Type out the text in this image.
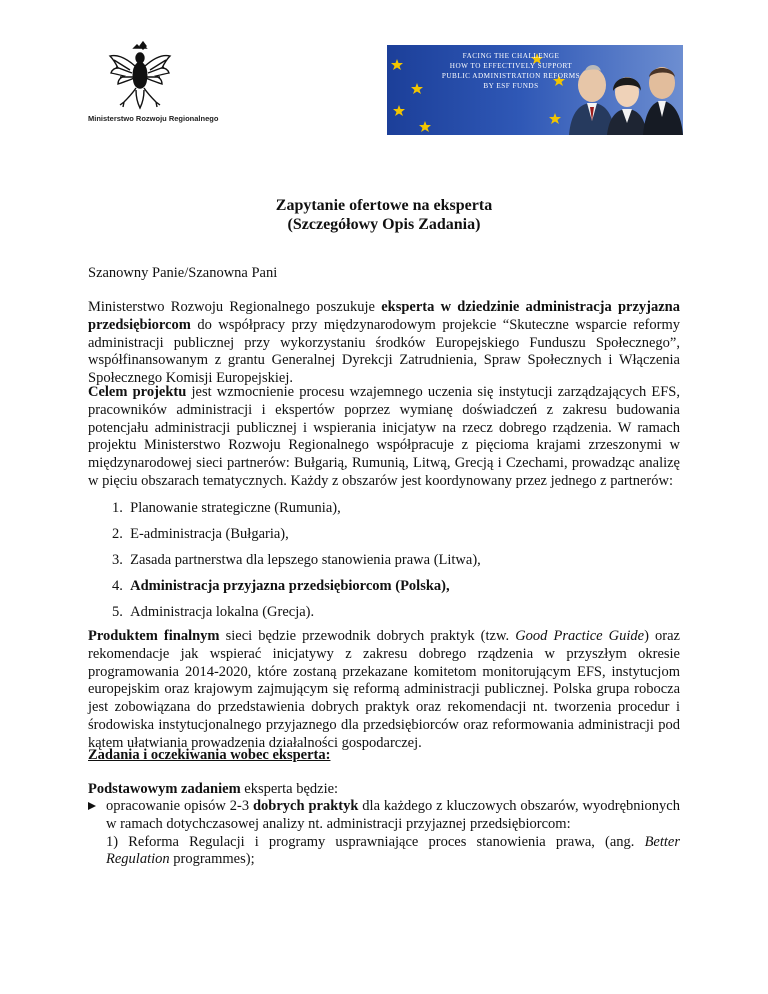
Ministerstwo Rozwoju Regionalnego
FACING THE CHALLENGE
HOW TO EFFECTIVELY SUPPORT
PUBLIC ADMINISTRATION REFORMS
BY ESF FUNDS
Zapytanie ofertowe na eksperta
(Szczegółowy Opis Zadania)
Szanowny Panie/Szanowna Pani
Ministerstwo Rozwoju Regionalnego poszukuje eksperta w dziedzinie administracja przyjazna przedsiębiorcom do współpracy przy międzynarodowym projekcie “Skuteczne wsparcie reformy administracji publicznej przy wykorzystaniu środków Europejskiego Funduszu Społecznego”, współfinansowanym z grantu Generalnej Dyrekcji Zatrudnienia, Spraw Społecznych i Włączenia Społecznego Komisji Europejskiej.
Celem projektu jest wzmocnienie procesu wzajemnego uczenia się instytucji zarządzających EFS, pracowników administracji i ekspertów poprzez wymianę doświadczeń z zakresu budowania potencjału administracji publicznej i wspierania inicjatyw na rzecz dobrego rządzenia. W ramach projektu Ministerstwo Rozwoju Regionalnego współpracuje z pięcioma krajami zrzeszonymi w międzynarodowej sieci partnerów: Bułgarią, Rumunią, Litwą, Grecją i Czechami, prowadząc analizę w pięciu obszarach tematycznych. Każdy z obszarów jest koordynowany przez jednego z partnerów:
1. Planowanie strategiczne (Rumunia),
2. E-administracja (Bułgaria),
3. Zasada partnerstwa dla lepszego stanowienia prawa (Litwa),
4. Administracja przyjazna przedsiębiorcom (Polska),
5. Administracja lokalna (Grecja).
Produktem finalnym sieci będzie przewodnik dobrych praktyk (tzw. Good Practice Guide) oraz rekomendacje jak wspierać inicjatywy z zakresu dobrego rządzenia w przyszłym okresie programowania 2014-2020, które zostaną przekazane komitetom monitorującym EFS, instytucjom europejskim oraz krajowym zajmującym się reformą administracji publicznej. Polska grupa robocza jest zobowiązana do przedstawienia dobrych praktyk oraz rekomendacji nt. tworzenia procedur i środowiska instytucjonalnego przyjaznego dla przedsiębiorców oraz reformowania administracji pod kątem ułatwiania prowadzenia działalności gospodarczej.
Zadania i oczekiwania wobec eksperta:
Podstawowym zadaniem eksperta będzie:
opracowanie opisów 2-3 dobrych praktyk dla każdego z kluczowych obszarów, wyodrębnionych w ramach dotychczasowej analizy nt. administracji przyjaznej przedsiębiorcom:
1) Reforma Regulacji i programy usprawniające proces stanowienia prawa, (ang. Better Regulation programmes);
